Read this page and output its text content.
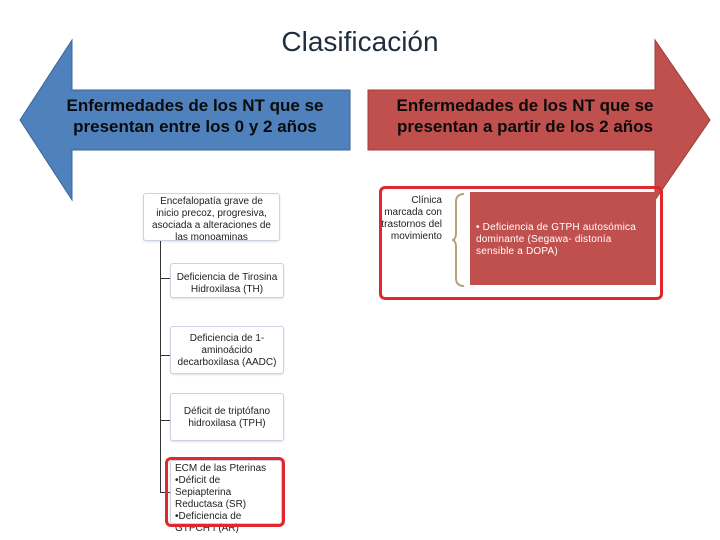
Clasificación
Enfermedades de los NT que se presentan entre los 0 y 2 años
Enfermedades de los NT que se presentan a partir de los 2 años
Encefalopatía grave de inicio precoz, progresiva, asociada a alteraciones de las monoaminas
Deficiencia de Tirosina Hidroxilasa (TH)
Deficiencia de 1-aminoácido decarboxilasa (AADC)
Déficit de triptófano hidroxilasa (TPH)
ECM de las Pterinas
•Déficit de Sepiapterina Reductasa (SR)
•Deficiencia de GTPCH I (AR)
Clínica marcada con trastornos del movimiento
• Deficiencia de GTPH autosómica dominante (Segawa- distonía sensible a DOPA)
